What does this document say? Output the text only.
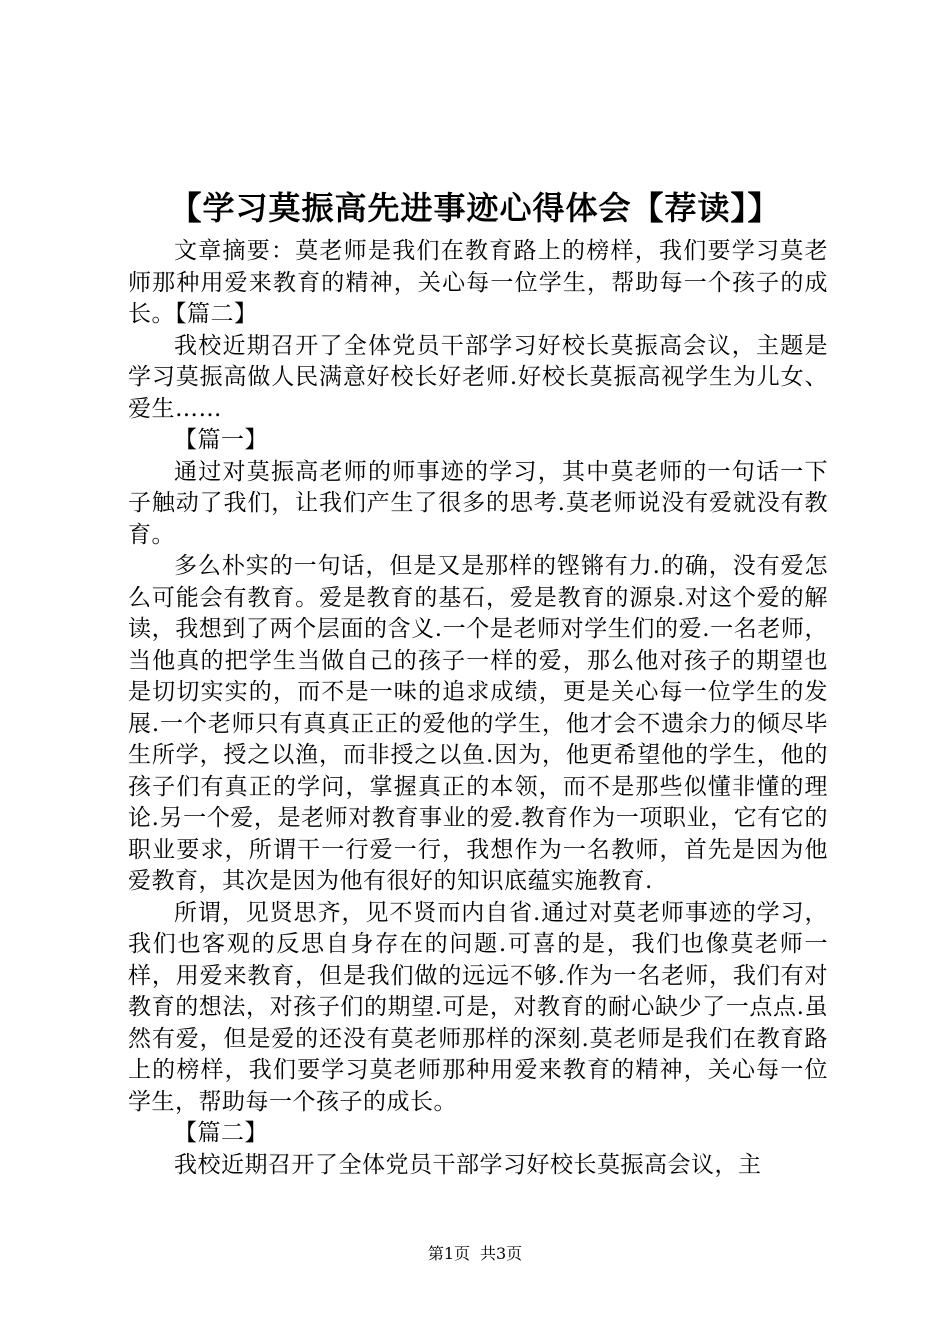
【学习莫振高先进事迹心得体会【荐读】】

文章摘要：莫老师是我们在教育路上的榜样，我们要学习莫老师那种用爱来教育的精神，关心每一位学生，帮助每一个孩子的成长。【篇二】

我校近期召开了全体党员干部学习好校长莫振高会议，主题是学习莫振高做人民满意好校长好老师.好校长莫振高视学生为儿女、爱生……

【篇一】

通过对莫振高老师的师事迹的学习，其中莫老师的一句话一下子触动了我们，让我们产生了很多的思考.莫老师说没有爱就没有教育。

多么朴实的一句话，但是又是那样的铿锵有力.的确，没有爱怎么可能会有教育。爱是教育的基石，爱是教育的源泉.对这个爱的解读，我想到了两个层面的含义.一个是老师对学生们的爱.一名老师，当他真的把学生当做自己的孩子一样的爱，那么他对孩子的期望也是切切实实的，而不是一味的追求成绩，更是关心每一位学生的发展.一个老师只有真真正正的爱他的学生，他才会不遗余力的倾尽毕生所学，授之以渔，而非授之以鱼.因为，他更希望他的学生，他的孩子们有真正的学问，掌握真正的本领，而不是那些似懂非懂的理论.另一个爱，是老师对教育事业的爱.教育作为一项职业，它有它的职业要求，所谓干一行爱一行，我想作为一名教师，首先是因为他爱教育，其次是因为他有很好的知识底蕴实施教育.

所谓，见贤思齐，见不贤而内自省.通过对莫老师事迹的学习，我们也客观的反思自身存在的问题.可喜的是，我们也像莫老师一样，用爱来教育，但是我们做的远远不够.作为一名老师，我们有对教育的想法，对孩子们的期望.可是，对教育的耐心缺少了一点点.虽然有爱，但是爱的还没有莫老师那样的深刻.莫老师是我们在教育路上的榜样，我们要学习莫老师那种用爱来教育的精神，关心每一位学生，帮助每一个孩子的成长。

【篇二】

我校近期召开了全体党员干部学习好校长莫振高会议，主

第1页 共3页
